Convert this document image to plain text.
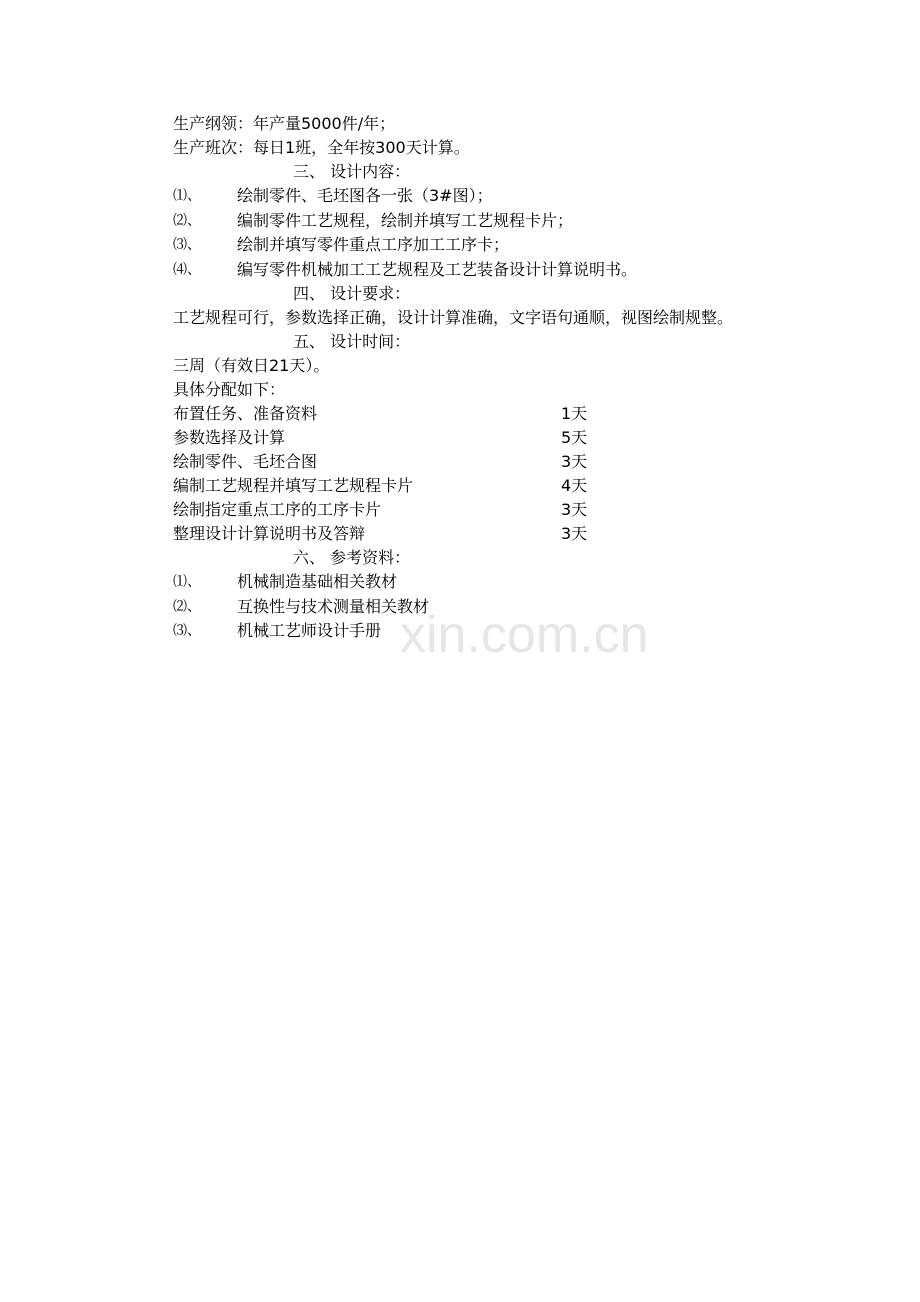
生产纲领：年产量5000件/年；
生产班次：每日1班，全年按300天计算。
三、 设计内容：
⑴、	绘制零件、毛坯图各一张（3#图）；
⑵、	编制零件工艺规程，绘制并填写工艺规程卡片；
⑶、	绘制并填写零件重点工序加工工序卡；
⑷、	编写零件机械加工工艺规程及工艺装备设计计算说明书。
四、 设计要求：
工艺规程可行，参数选择正确，设计计算准确，文字语句通顺，视图绘制规整。
五、 设计时间：
三周（有效日21天）。
具体分配如下：
布置任务、准备资料	1天
参数选择及计算	5天
绘制零件、毛坯合图	3天
编制工艺规程并填写工艺规程卡片	4天
绘制指定重点工序的工序卡片	3天
整理设计计算说明书及答辩	3天
六、 参考资料：
⑴、	机械制造基础相关教材
⑵、	互换性与技术测量相关教材
⑶、	机械工艺师设计手册 xin.com.cn
